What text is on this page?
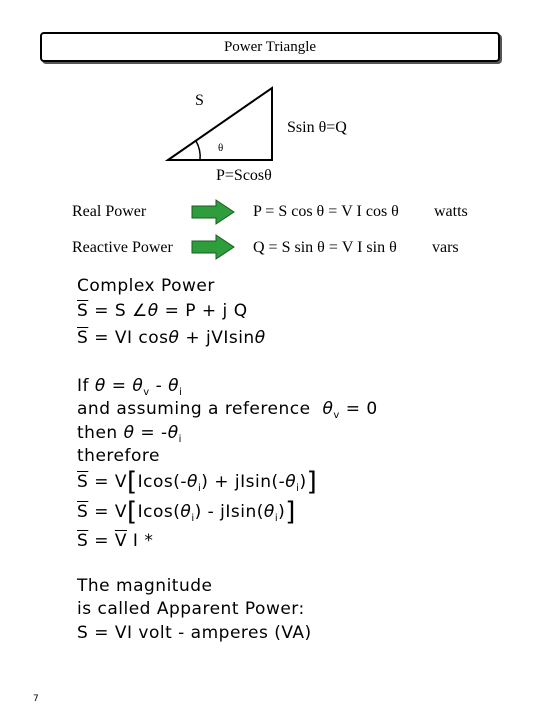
Power Triangle
S
Ssin θ=Q
θ
P=Scosθ
Real Power	P = S cos θ = V I cos θ watts
Reactive Power	Q = S sin θ = V I sin θ vars
Complex Power
$\overline{S} = S$ ∠θ = P + j Q
$\overline{S}$ = VI cosθ + jVIsinθ
If $\theta = \theta_v - \theta_i$
and assuming a reference $\theta_v = 0$
then $\theta = -\theta_i$
therefore
$\overline{S} = V[Icos(-\theta_i) + jIsin(-\theta_i)]$
$\overline{S} = V[Icos(\theta_i) - jIsin(\theta_i)]$
$\overline{S} = \overline{V}$ I *
The magnitude
is called Apparent Power:
S = VI volt - amperes (VA)
7
